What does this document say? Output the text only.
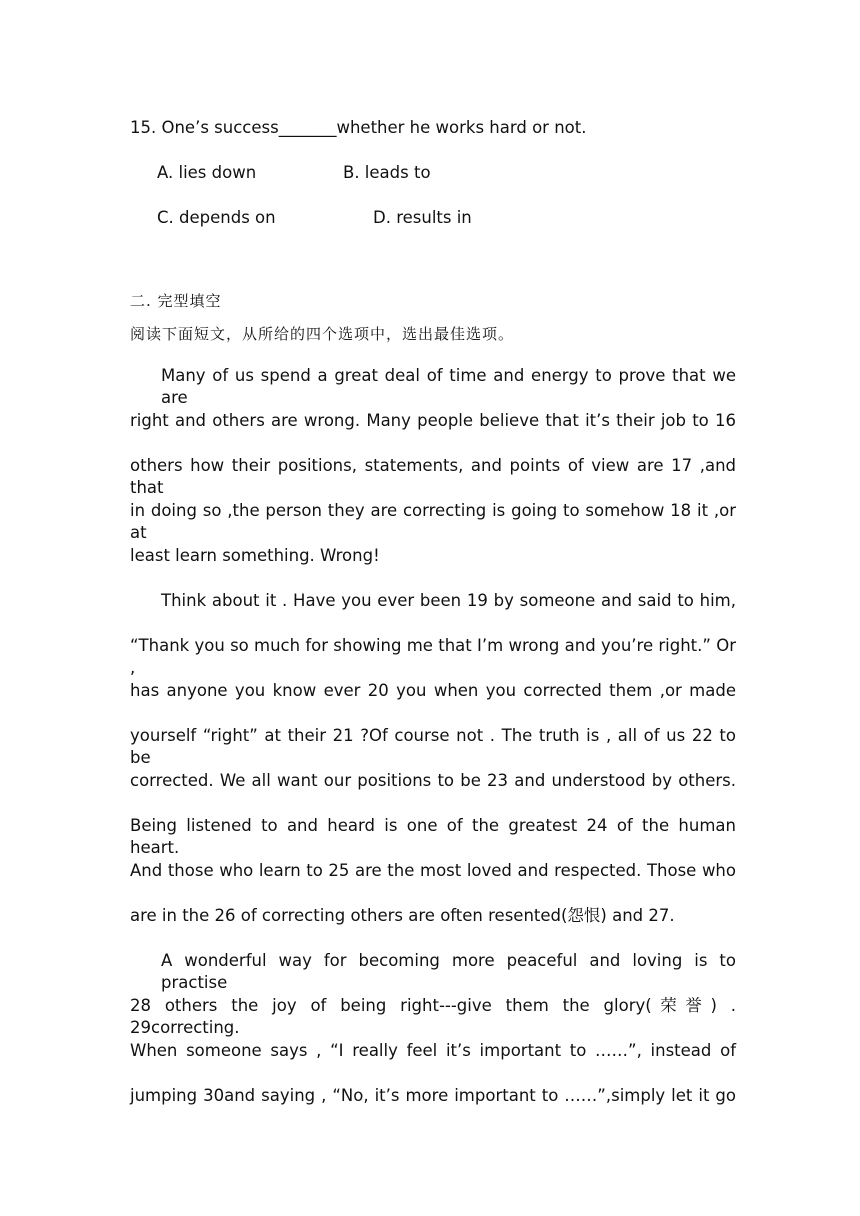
15. One’s success_______whether he works hard or not.
A. lies down	B. leads to
C. depends on	D. results in
二. 完型填空
阅读下面短文，从所给的四个选项中，选出最佳选项。
Many of us spend a great deal of time and energy to prove that we are
right and others are wrong. Many people believe that it’s their job to 16
others how their positions, statements, and points of view are 17 ,and that
in doing so ,the person they are correcting is going to somehow 18 it ,or at
least learn something. Wrong!
Think about it . Have you ever been 19 by someone and said to him,
“Thank you so much for showing me that I’m wrong and you’re right.” Or ,
has anyone you know ever 20 you when you corrected them ,or made
yourself “right” at their 21 ?Of course not . The truth is , all of us 22 to be
corrected. We all want our positions to be 23 and understood by others.
Being listened to and heard is one of the greatest 24 of the human heart.
And those who learn to 25 are the most loved and respected. Those who
are in the 26 of correcting others are often resented(怨恨) and 27.
A wonderful way for becoming more peaceful and loving is to practise
28 others the joy of being right---give them the glory(荣誉) . 29correcting.
When someone says , “I really feel it’s important to ……”, instead of
jumping 30and saying , “No, it’s more important to ……”,simply let it go
